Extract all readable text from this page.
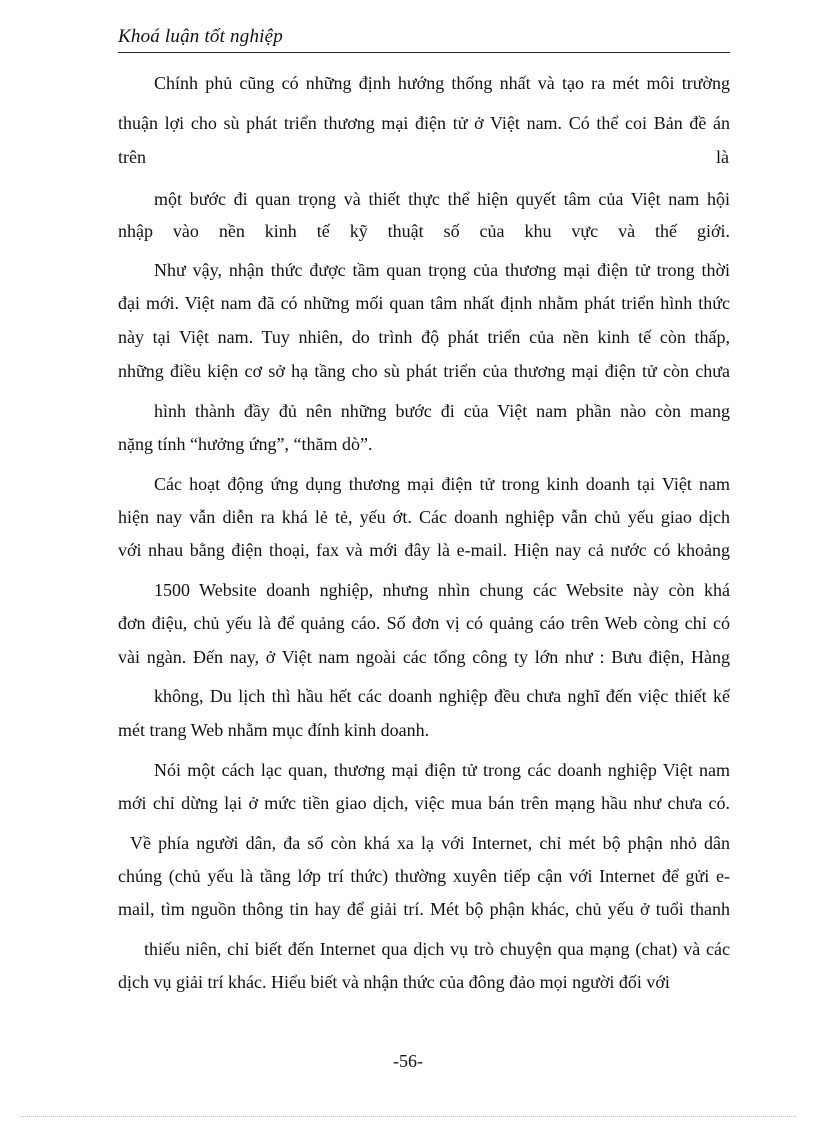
Khoá luận tốt nghiệp
Chính phủ cũng có những định hướng thống nhất và tạo ra mét môi trường
thuận lợi cho sù phát triển thương mại điện tử ở Việt nam. Có thể coi Bản đề án
trên	là
một bước đi quan trọng và thiết thực thể hiện quyết tâm của Việt nam hội
nhập vào nền kinh tế kỹ thuật số của khu vực và thế giới.
Như vậy, nhận thức được tầm quan trọng của thương mại điện tử trong thời
đại mới. Việt nam đã có những mối quan tâm nhất định nhằm phát triển hình thức
này tại Việt nam. Tuy nhiên, do trình độ phát triển của nền kinh tế còn thấp,
những điều kiện cơ sở hạ tầng cho sù phát triển của thương mại điện tử còn chưa
hình thành đầy đủ nên những bước đi của Việt nam phần nào còn mang
nặng tính “hưởng ứng”, “thăm dò”.
Các hoạt động ứng dụng thương mại điện tử trong kinh doanh tại Việt nam
hiện nay vẫn diễn ra khá lẻ tẻ, yếu ớt. Các doanh nghiệp vẫn chủ yếu giao dịch
với nhau bằng điện thoại, fax và mới đây là e-mail. Hiện nay cả nước có khoảng
1500 Website doanh nghiệp, nhưng nhìn chung các Website này còn khá
đơn điệu, chủ yếu là để quảng cáo. Số đơn vị có quảng cáo trên Web còng chỉ có
vài ngàn. Đến nay, ở Việt nam ngoài các tổng công ty lớn như : Bưu điện, Hàng
không, Du lịch thì hầu hết các doanh nghiệp đều chưa nghĩ đến việc thiết kế
mét trang Web nhằm mục đính kinh doanh.
Nói một cách lạc quan, thương mại điện tử trong các doanh nghiệp Việt nam
mới chỉ dừng lại ở mức tiền giao dịch, việc mua bán trên mạng hầu như chưa có.
Về phía người dân, đa số còn khá xa lạ với Internet, chỉ mét bộ phận nhỏ dân
chúng (chủ yếu là tầng lớp trí thức) thường xuyên tiếp cận với Internet để gửi e-
mail, tìm nguồn thông tin hay để giải trí. Mét bộ phận khác, chủ yếu ở tuổi thanh
thiếu niên, chỉ biết đến Internet qua dịch vụ trò chuyện qua mạng (chat) và các
dịch vụ giải trí khác. Hiểu biết và nhận thức của đông đảo mọi người đối với
-56-
